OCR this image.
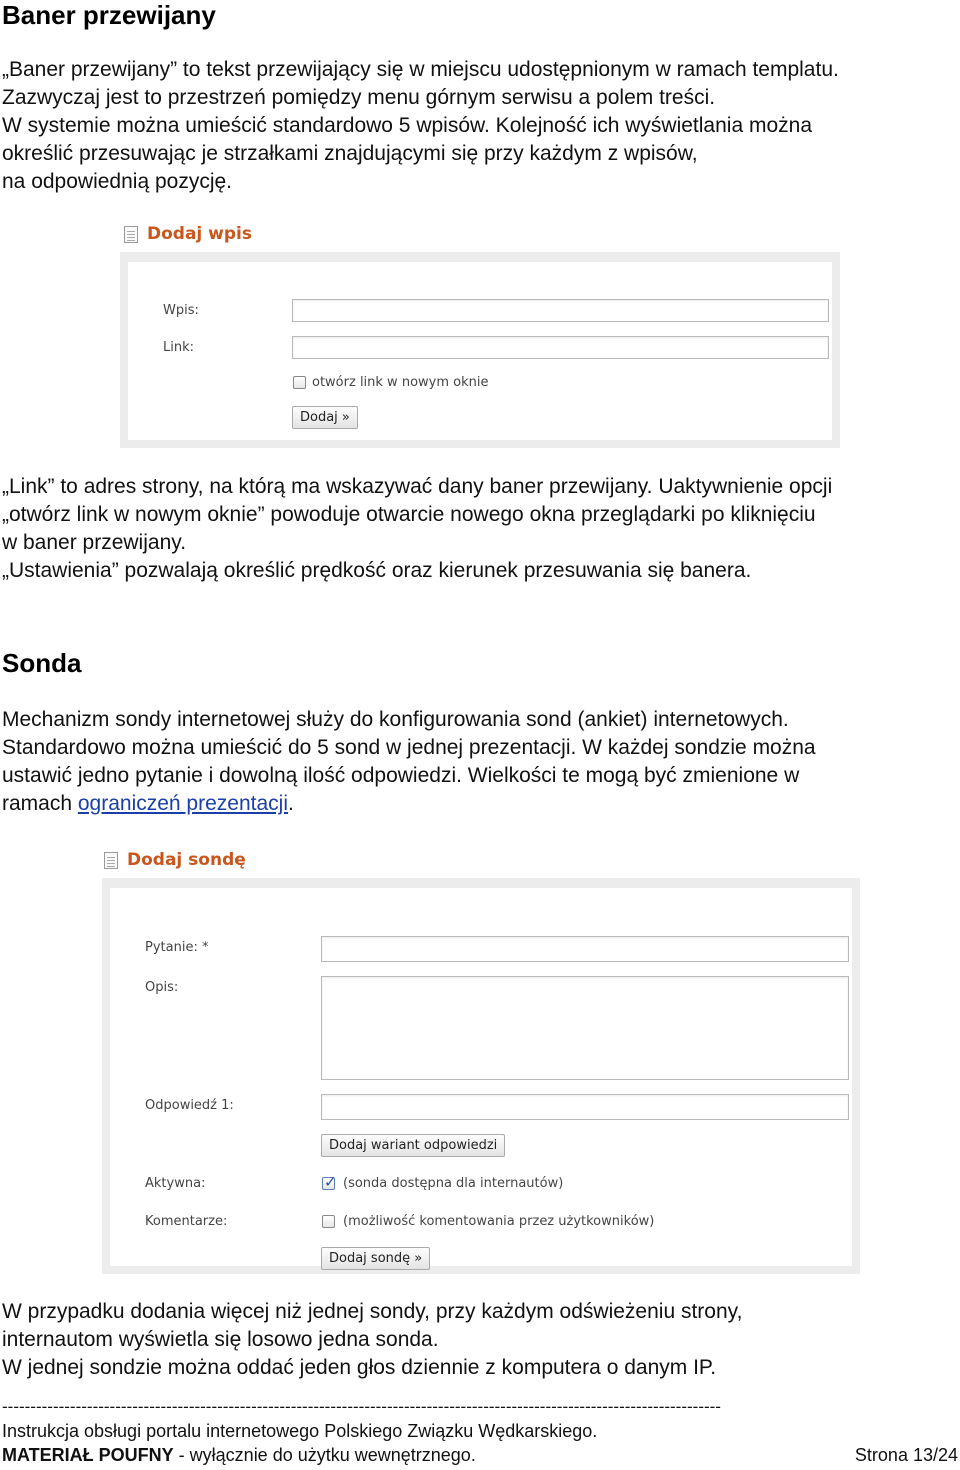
Baner przewijany

„Baner przewijany” to tekst przewijający się w miejscu udostępnionym w ramach templatu.

Zazwyczaj jest to przestrzeń pomiędzy menu górnym serwisu a polem treści.

W systemie można umieścić standardowo 5 wpisów. Kolejność ich wyświetlania można

określić przesuwając je strzałkami znajdującymi się przy każdym z wpisów,

na odpowiednią pozycję.

Dodaj wpis
Wpis:
Link:
otwórz link w nowym oknie
Dodaj »

„Link” to adres strony, na którą ma wskazywać dany baner przewijany. Uaktywnienie opcji

„otwórz link w nowym oknie” powoduje otwarcie nowego okna przeglądarki po kliknięciu

w baner przewijany.

„Ustawienia” pozwalają określić prędkość oraz kierunek przesuwania się banera.

Sonda

Mechanizm sondy internetowej służy do konfigurowania sond (ankiet) internetowych.

Standardowo można umieścić do 5 sond w jednej prezentacji. W każdej sondzie można

ustawić jedno pytanie i dowolną ilość odpowiedzi. Wielkości te mogą być zmienione w

ramach ograniczeń prezentacji.

Dodaj sondę
Pytanie: *
Opis:
Odpowiedź 1:
Dodaj wariant odpowiedzi
Aktywna:	✓ (sonda dostępna dla internautów)
Komentarze:	(możliwość komentowania przez użytkowników)
Dodaj sondę »

W przypadku dodania więcej niż jednej sondy, przy każdym odświeżeniu strony,

internautom wyświetla się losowo jedna sonda.

W jednej sondzie można oddać jeden głos dziennie z komputera o danym IP.

-------------------------------------------------------------------------------------------------------------------------------
Instrukcja obsługi portalu internetowego Polskiego Związku Wędkarskiego.
MATERIAŁ POUFNY - wyłącznie do użytku wewnętrznego.	Strona 13/24
